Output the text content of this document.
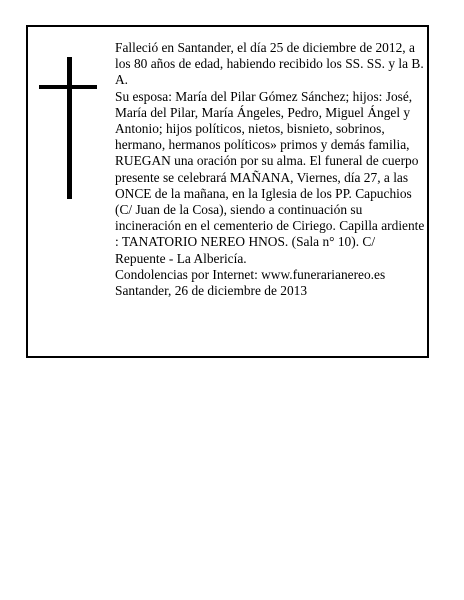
Falleció en Santander, el día 25 de diciembre de 2012, a los 80 años de edad, habiendo recibido los SS. SS. y la B. A.

Su esposa: María del Pilar Gómez Sánchez; hijos: José, María del Pilar, María Ángeles, Pedro, Miguel Ángel y Antonio; hijos políticos, nietos, bisnieto, sobrinos, hermano, hermanos políticos» primos y demás familia, RUEGAN una oración por su alma. El funeral de cuerpo presente se celebrará MAÑANA, Viernes, día 27, a las ONCE de la mañana, en la Iglesia de los PP. Capuchios (C/ Juan de la Cosa), siendo a continuación su incineración en el cementerio de Ciriego. Capilla ardiente : TANATORIO NEREO HNOS. (Sala n° 10). C/ Repuente - La Albericía.

Condolencias por Internet: www.funerarianereo.es

Santander, 26 de diciembre de 2013
